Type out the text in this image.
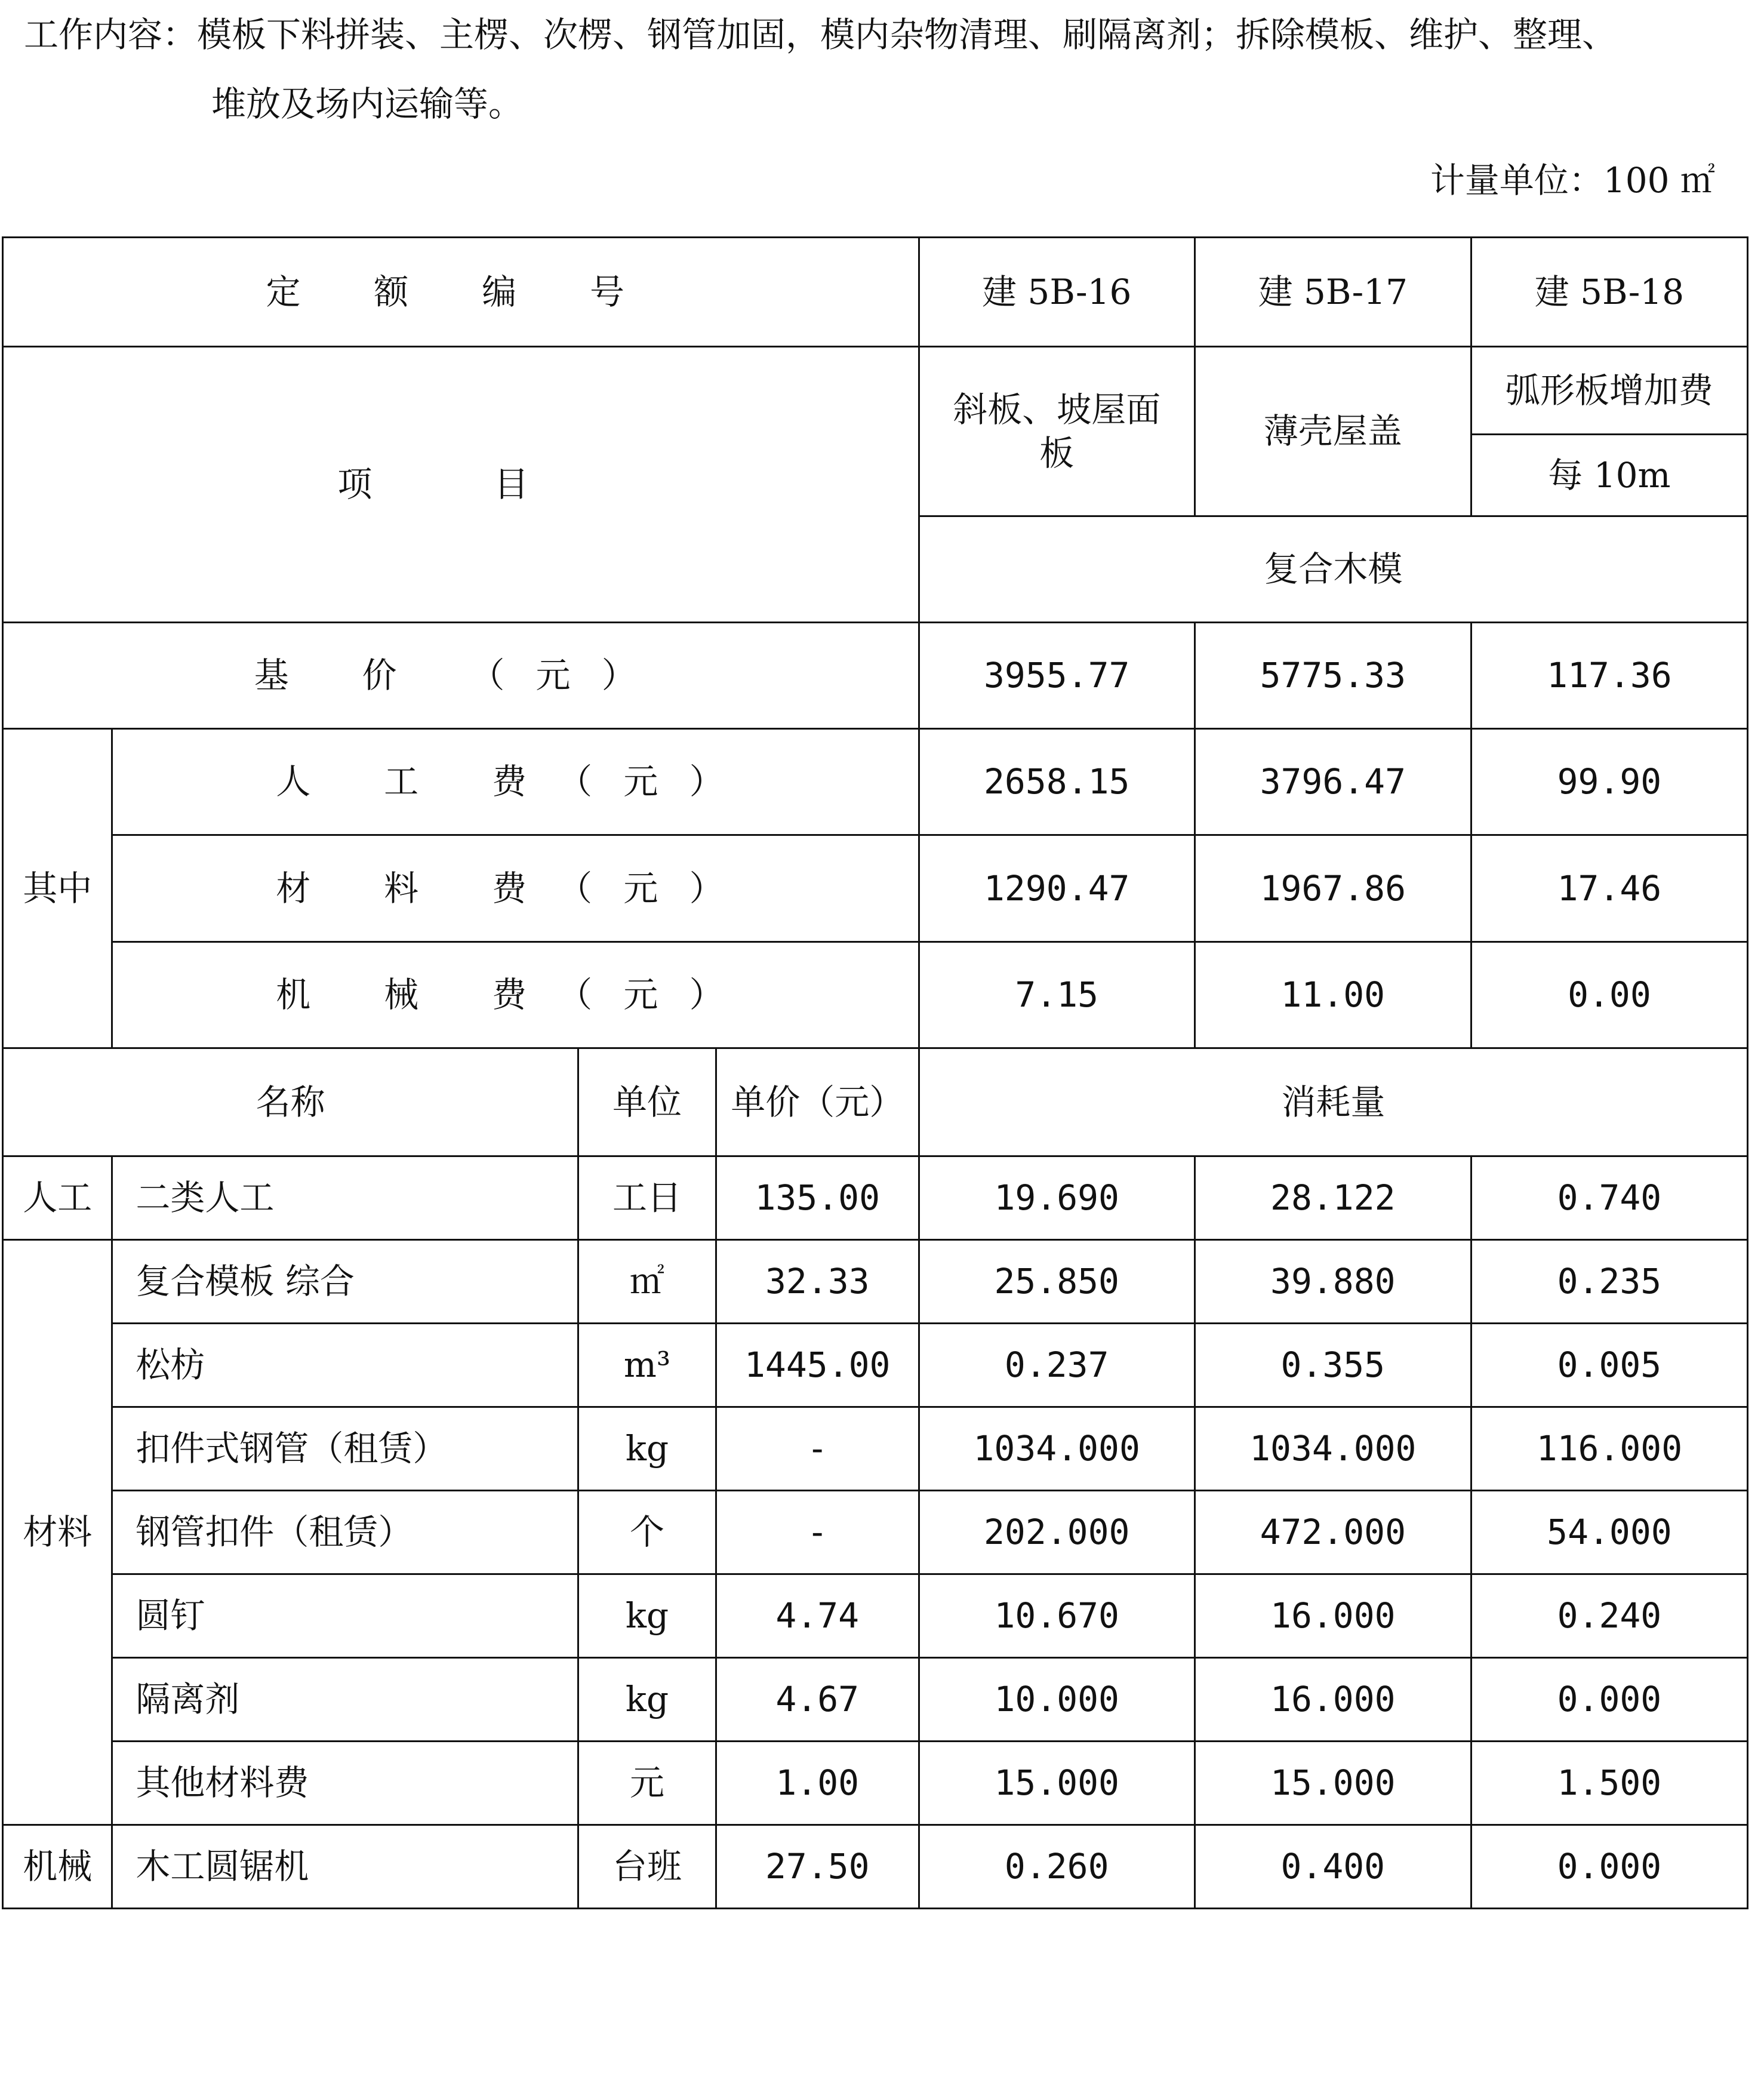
工作内容：模板下料拼装、主楞、次楞、钢管加固，模内杂物清理、刷隔离剂；拆除模板、维护、整理、
堆放及场内运输等。
计量单位：100 ㎡
定 额 编 号				建 5B-16	建 5B-17	建 5B-18
项 目				斜板、坡屋面板	薄壳屋盖	弧形板增加费
						每 10m
				复合木模		
基 价 （元）				3955.77	5775.33	117.36
其中	人 工 费（元）			2658.15	3796.47	99.90
	材 料 费（元）			1290.47	1967.86	17.46
	机 械 费（元）			7.15	11.00	0.00
名称		单位	单价（元）	消耗量		
人工	二类人工	工日	135.00	19.690	28.122	0.740
材料	复合模板 综合	㎡	32.33	25.850	39.880	0.235
	松枋	m³	1445.00	0.237	0.355	0.005
	扣件式钢管（租赁）	kg	-	1034.000	1034.000	116.000
	钢管扣件（租赁）	个	-	202.000	472.000	54.000
	圆钉	kg	4.74	10.670	16.000	0.240
	隔离剂	kg	4.67	10.000	16.000	0.000
	其他材料费	元	1.00	15.000	15.000	1.500
机械	木工圆锯机	台班	27.50	0.260	0.400	0.000
